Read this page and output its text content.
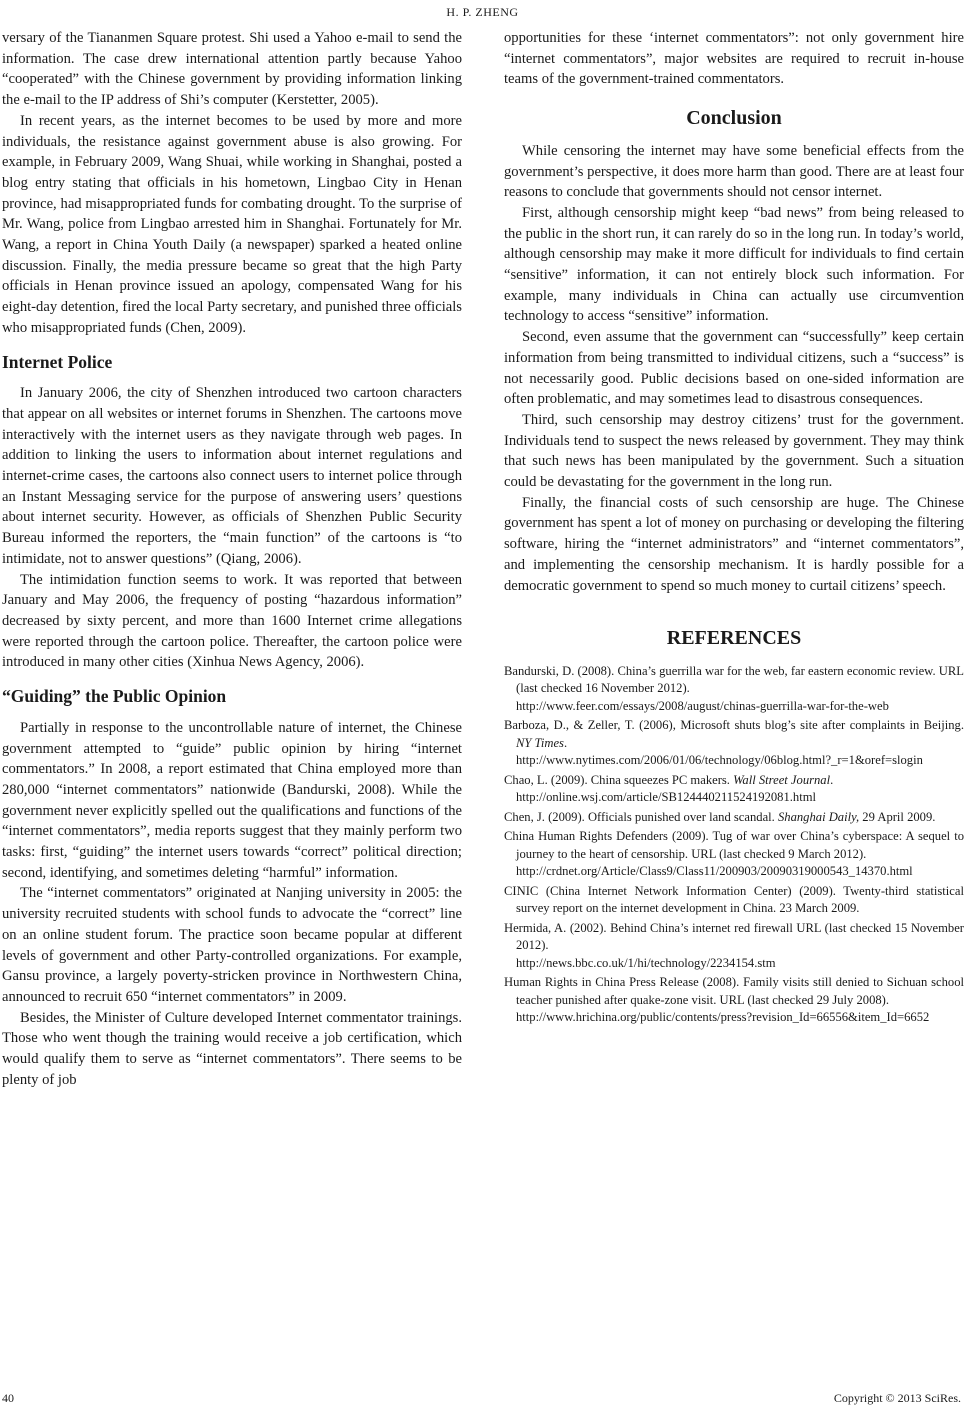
H. P. ZHENG

versary of the Tiananmen Square protest. Shi used a Yahoo e-mail to send the information. The case drew international attention partly because Yahoo “cooperated” with the Chinese government by providing information linking the e-mail to the IP address of Shi’s computer (Kerstetter, 2005).

In recent years, as the internet becomes to be used by more and more individuals, the resistance against government abuse is also growing. For example, in February 2009, Wang Shuai, while working in Shanghai, posted a blog entry stating that officials in his hometown, Lingbao City in Henan province, had misappropriated funds for combating drought. To the surprise of Mr. Wang, police from Lingbao arrested him in Shanghai. Fortunately for Mr. Wang, a report in China Youth Daily (a newspaper) sparked a heated online discussion. Finally, the media pressure became so great that the high Party officials in Henan province issued an apology, compensated Wang for his eight-day detention, fired the local Party secretary, and punished three officials who misappropriated funds (Chen, 2009).

Internet Police

In January 2006, the city of Shenzhen introduced two cartoon characters that appear on all websites or internet forums in Shenzhen. The cartoons move interactively with the internet users as they navigate through web pages. In addition to linking the users to information about internet regulations and internet-crime cases, the cartoons also connect users to internet police through an Instant Messaging service for the purpose of answering users’ questions about internet security. However, as officials of Shenzhen Public Security Bureau informed the reporters, the “main function” of the cartoons is “to intimidate, not to answer questions” (Qiang, 2006).

The intimidation function seems to work. It was reported that between January and May 2006, the frequency of posting “hazardous information” decreased by sixty percent, and more than 1600 Internet crime allegations were reported through the cartoon police. Thereafter, the cartoon police were introduced in many other cities (Xinhua News Agency, 2006).

“Guiding” the Public Opinion

Partially in response to the uncontrollable nature of internet, the Chinese government attempted to “guide” public opinion by hiring “internet commentators.” In 2008, a report estimated that China employed more than 280,000 “internet commentators” nationwide (Bandurski, 2008). While the government never explicitly spelled out the qualifications and functions of the “internet commentators”, media reports suggest that they mainly perform two tasks: first, “guiding” the internet users towards “correct” political direction; second, identifying, and sometimes deleting “harmful” information.

The “internet commentators” originated at Nanjing university in 2005: the university recruited students with school funds to advocate the “correct” line on an online student forum. The practice soon became popular at different levels of government and other Party-controlled organizations. For example, Gansu province, a largely poverty-stricken province in Northwestern China, announced to recruit 650 “internet commentators” in 2009.

Besides, the Minister of Culture developed Internet commentator trainings. Those who went though the training would receive a job certification, which would qualify them to serve as “internet commentators”. There seems to be plenty of job

opportunities for these ‘internet commentators”: not only government hire “internet commentators”, major websites are required to recruit in-house teams of the government-trained commentators.

Conclusion

While censoring the internet may have some beneficial effects from the government’s perspective, it does more harm than good. There are at least four reasons to conclude that governments should not censor internet.

First, although censorship might keep “bad news” from being released to the public in the short run, it can rarely do so in the long run. In today’s world, although censorship may make it more difficult for individuals to find certain “sensitive” information, it can not entirely block such information. For example, many individuals in China can actually use circumvention technology to access “sensitive” information.

Second, even assume that the government can “successfully” keep certain information from being transmitted to individual citizens, such a “success” is not necessarily good. Public decisions based on one-sided information are often problematic, and may sometimes lead to disastrous consequences.

Third, such censorship may destroy citizens’ trust for the government. Individuals tend to suspect the news released by government. They may think that such news has been manipulated by the government. Such a situation could be devastating for the government in the long run.

Finally, the financial costs of such censorship are huge. The Chinese government has spent a lot of money on purchasing or developing the filtering software, hiring the “internet administrators” and “internet commentators”, and implementing the censorship mechanism. It is hardly possible for a democratic government to spend so much money to curtail citizens’ speech.

REFERENCES
Bandurski, D. (2008). China’s guerrilla war for the web, far eastern economic review. URL (last checked 16 November 2012).
http://www.feer.com/essays/2008/august/chinas-guerrilla-war-for-the-web
Barboza, D., & Zeller, T. (2006), Microsoft shuts blog’s site after complaints in Beijing. NY Times.
http://www.nytimes.com/2006/01/06/technology/06blog.html?_r=1&oref=slogin
Chao, L. (2009). China squeezes PC makers. Wall Street Journal.
http://online.wsj.com/article/SB124440211524192081.html
Chen, J. (2009). Officials punished over land scandal. Shanghai Daily, 29 April 2009.
China Human Rights Defenders (2009). Tug of war over China’s cyberspace: A sequel to journey to the heart of censorship. URL (last checked 9 March 2012).
http://crdnet.org/Article/Class9/Class11/200903/20090319000543_14370.html
CINIC (China Internet Network Information Center) (2009). Twenty-third statistical survey report on the internet development in China. 23 March 2009.
Hermida, A. (2002). Behind China’s internet red firewall URL (last checked 15 November 2012).
http://news.bbc.co.uk/1/hi/technology/2234154.stm
Human Rights in China Press Release (2008). Family visits still denied to Sichuan school teacher punished after quake-zone visit. URL (last checked 29 July 2008).
http://www.hrichina.org/public/contents/press?revision_Id=66556&item_Id=6652
40	Copyright © 2013 SciRes.
